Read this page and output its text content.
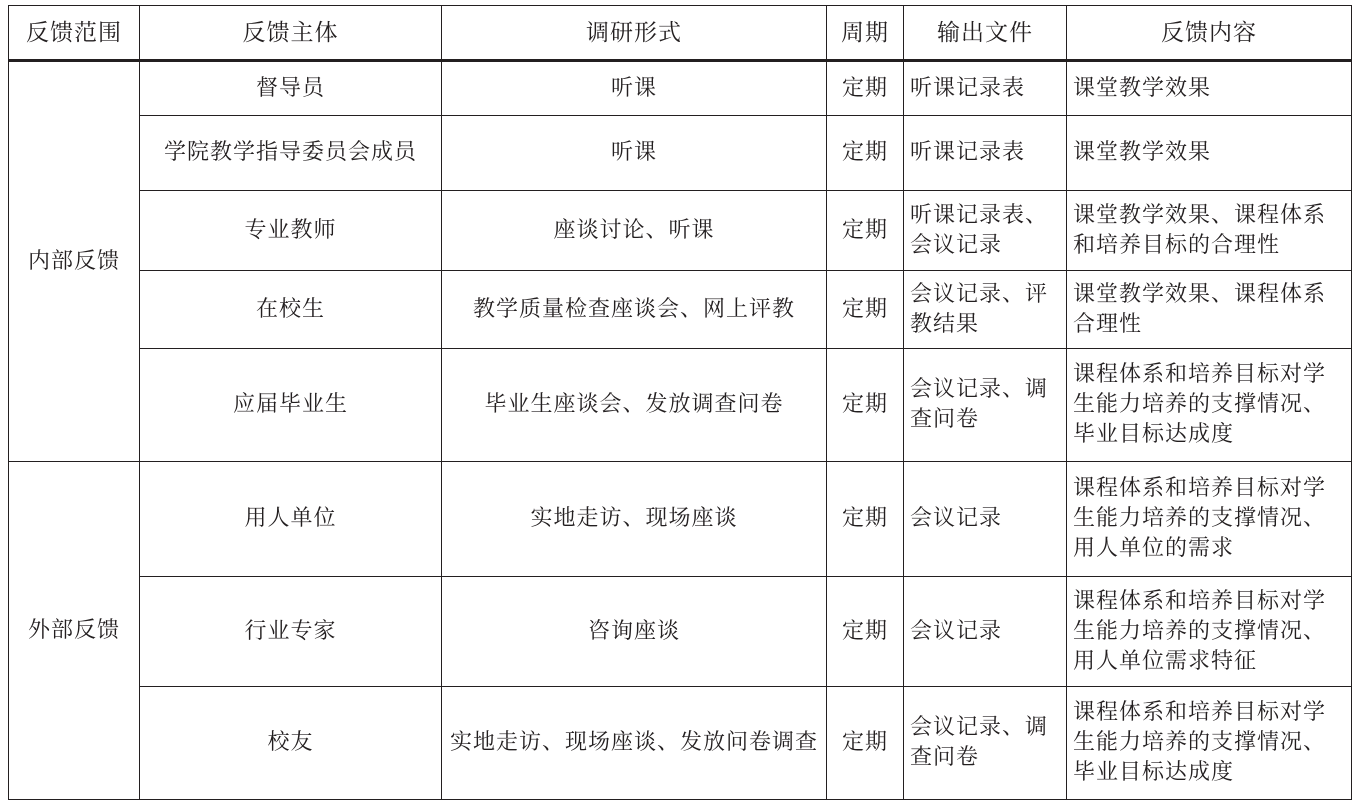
反馈范围	反馈主体	调研形式	周期	输出文件	反馈内容
内部反馈	督导员	听课	定期	听课记录表	课堂教学效果
	学院教学指导委员会成员	听课	定期	听课记录表	课堂教学效果
	专业教师	座谈讨论、听课	定期	听课记录表、会议记录	课堂教学效果、课程体系和培养目标的合理性
	在校生	教学质量检查座谈会、网上评教	定期	会议记录、评教结果	课堂教学效果、课程体系合理性
	应届毕业生	毕业生座谈会、发放调查问卷	定期	会议记录、调查问卷	课程体系和培养目标对学生能力培养的支撑情况、毕业目标达成度
外部反馈	用人单位	实地走访、现场座谈	定期	会议记录	课程体系和培养目标对学生能力培养的支撑情况、用人单位的需求
	行业专家	咨询座谈	定期	会议记录	课程体系和培养目标对学生能力培养的支撑情况、用人单位需求特征
	校友	实地走访、现场座谈、发放问卷调查	定期	会议记录、调查问卷	课程体系和培养目标对学生能力培养的支撑情况、毕业目标达成度
